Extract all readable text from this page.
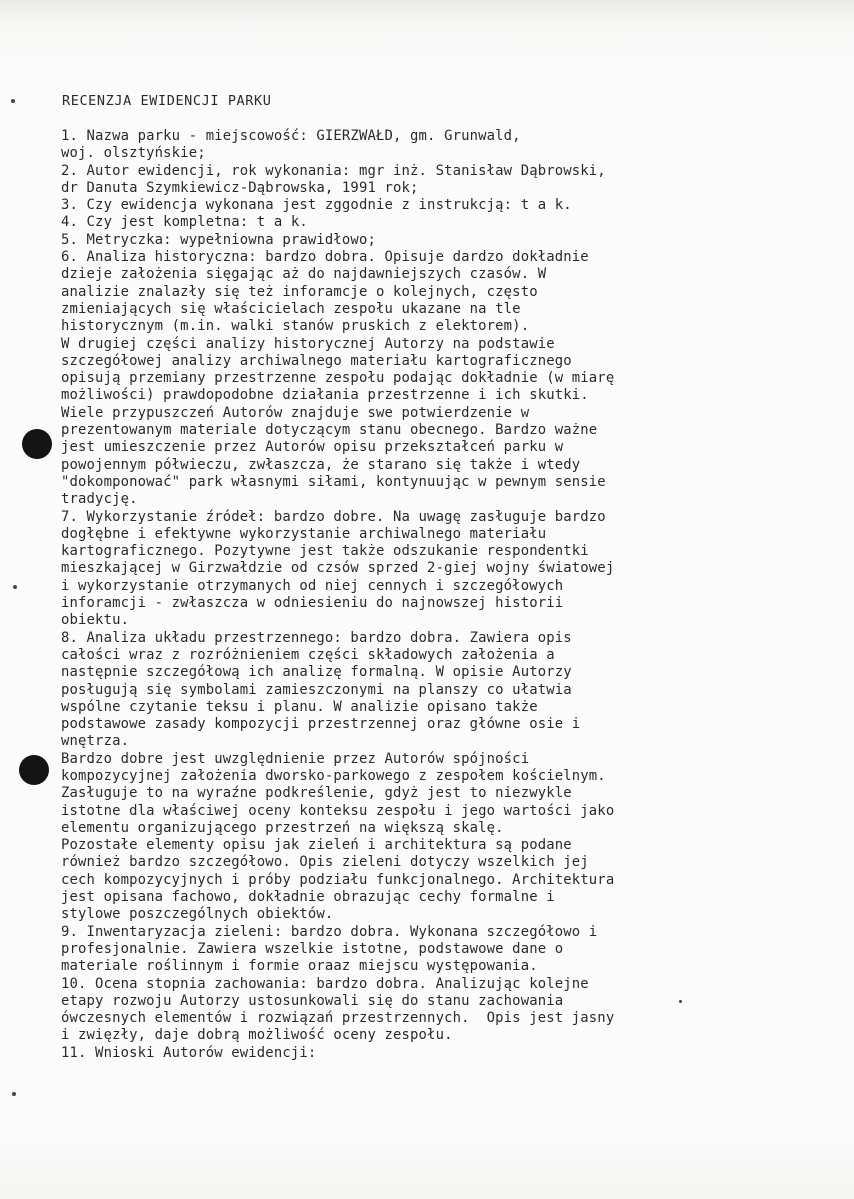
RECENZJA EWIDENCJI PARKU
1. Nazwa parku - miejscowość: GIERZWAŁD, gm. Grunwald,
woj. olsztyńskie;
2. Autor ewidencji, rok wykonania: mgr inż. Stanisław Dąbrowski,
dr Danuta Szymkiewicz-Dąbrowska, 1991 rok;
3. Czy ewidencja wykonana jest zggodnie z instrukcją: t a k.
4. Czy jest kompletna: t a k.
5. Metryczka: wypełniowna prawidłowo;
6. Analiza historyczna: bardzo dobra. Opisuje dardzo dokładnie
dzieje założenia sięgając aż do najdawniejszych czasów. W
analizie znalazły się też inforamcje o kolejnych, często
zmieniających się właścicielach zespołu ukazane na tle
historycznym (m.in. walki stanów pruskich z elektorem).
W drugiej części analizy historycznej Autorzy na podstawie
szczegółowej analizy archiwalnego materiału kartograficznego
opisują przemiany przestrzenne zespołu podając dokładnie (w miarę
możliwości) prawdopodobne działania przestrzenne i ich skutki.
Wiele przypuszczeń Autorów znajduje swe potwierdzenie w
prezentowanym materiale dotyczącym stanu obecnego. Bardzo ważne
jest umieszczenie przez Autorów opisu przekształceń parku w
powojennym półwieczu, zwłaszcza, że starano się także i wtedy
"dokomponować" park własnymi siłami, kontynuując w pewnym sensie
tradycję.
7. Wykorzystanie źródeł: bardzo dobre. Na uwagę zasługuje bardzo
dogłębne i efektywne wykorzystanie archiwalnego materiału
kartograficznego. Pozytywne jest także odszukanie respondentki
mieszkającej w Girzwałdzie od czsów sprzed 2-giej wojny światowej
i wykorzystanie otrzymanych od niej cennych i szczegółowych
inforamcji - zwłaszcza w odniesieniu do najnowszej historii
obiektu.
8. Analiza układu przestrzennego: bardzo dobra. Zawiera opis
całości wraz z rozróżnieniem części składowych założenia a
następnie szczegółową ich analizę formalną. W opisie Autorzy
posługują się symbolami zamieszczonymi na planszy co ułatwia
wspólne czytanie teksu i planu. W analizie opisano także
podstawowe zasady kompozycji przestrzennej oraz główne osie i
wnętrza.
Bardzo dobre jest uwzględnienie przez Autorów spójności
kompozycyjnej założenia dworsko-parkowego z zespołem kościelnym.
Zasługuje to na wyraźne podkreślenie, gdyż jest to niezwykle
istotne dla właściwej oceny konteksu zespołu i jego wartości jako
elementu organizującego przestrzeń na większą skalę.
Pozostałe elementy opisu jak zieleń i architektura są podane
również bardzo szczegółowo. Opis zieleni dotyczy wszelkich jej
cech kompozycyjnych i próby podziału funkcjonalnego. Architektura
jest opisana fachowo, dokładnie obrazując cechy formalne i
stylowe poszczególnych obiektów.
9. Inwentaryzacja zieleni: bardzo dobra. Wykonana szczegółowo i
profesjonalnie. Zawiera wszelkie istotne, podstawowe dane o
materiale roślinnym i formie oraaz miejscu występowania.
10. Ocena stopnia zachowania: bardzo dobra. Analizując kolejne
etapy rozwoju Autorzy ustosunkowali się do stanu zachowania
ówczesnych elementów i rozwiązań przestrzennych.  Opis jest jasny
i zwięzły, daje dobrą możliwość oceny zespołu.
11. Wnioski Autorów ewidencji:
